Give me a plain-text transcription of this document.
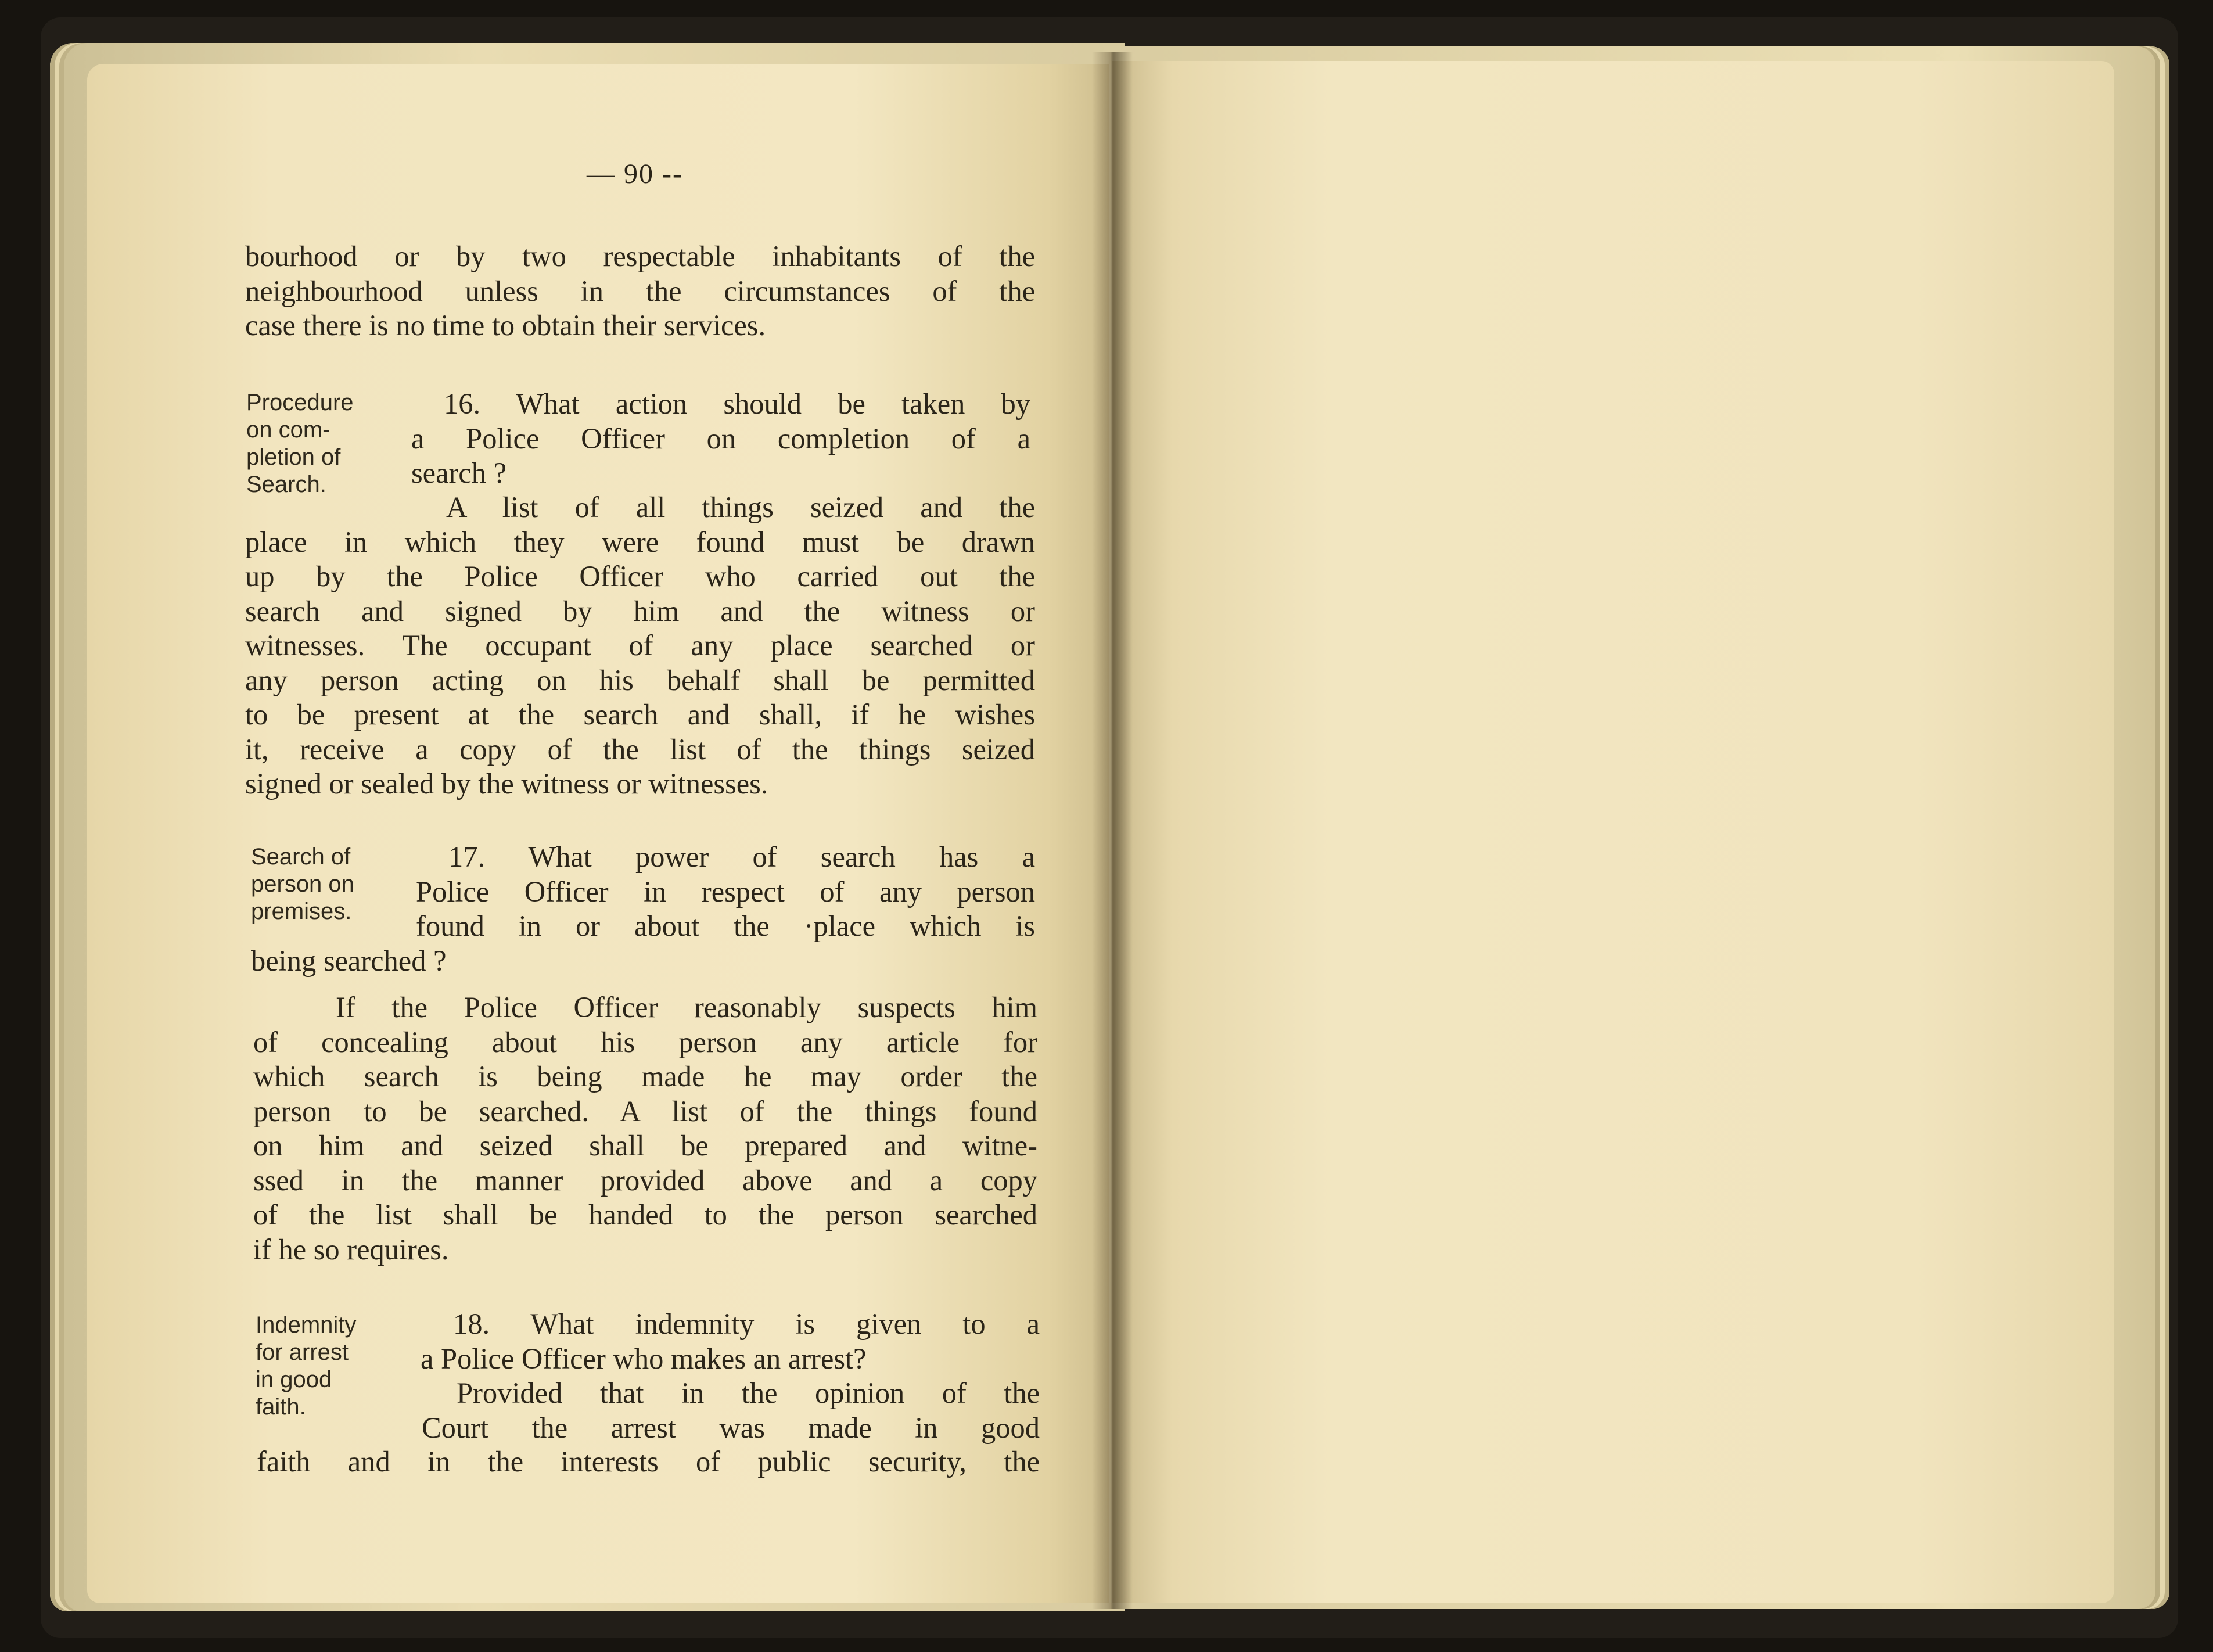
— 90 --
bourhood or by two respectable inhabitants of the
neighbourhood unless in the circumstances of the
case there is no time to obtain their services.
Procedure
on com-
pletion of
Search.
16. What action should be taken by
a Police Officer on completion of a
search ?
A list of all things seized and the
place in which they were found must be drawn
up by the Police Officer who carried out the
search and signed by him and the witness or
witnesses. The occupant of any place searched or
any person acting on his behalf shall be permitted
to be present at the search and shall, if he wishes
it, receive a copy of the list of the things seized
signed or sealed by the witness or witnesses.
Search of
person on
premises.
17. What power of search has a
Police Officer in respect of any person
found in or about the ·place which is
being searched ?
If the Police Officer reasonably suspects him
of concealing about his person any article for
which search is being made he may order the
person to be searched. A list of the things found
on him and seized shall be prepared and witne-
ssed in the manner provided above and a copy
of the list shall be handed to the person searched
if he so requires.
Indemnity
for arrest
in good
faith.
18. What indemnity is given to a
a Police Officer who makes an arrest?
Provided that in the opinion of the
Court the arrest was made in good
faith and in the interests of public security, the
